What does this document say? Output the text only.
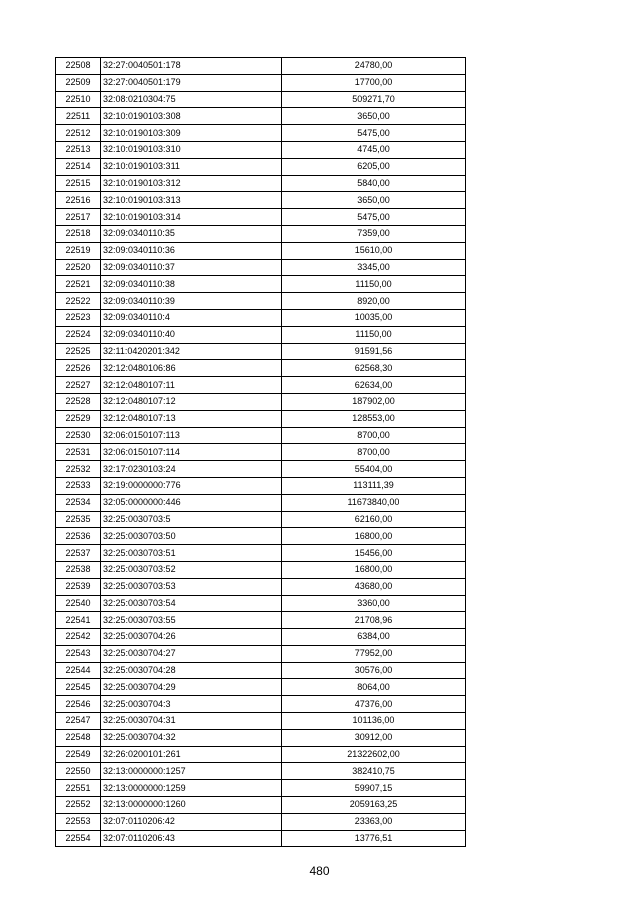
22508	32:27:0040501:178	24780,00
22509	32:27:0040501:179	17700,00
22510	32:08:0210304:75	509271,70
22511	32:10:0190103:308	3650,00
22512	32:10:0190103:309	5475,00
22513	32:10:0190103:310	4745,00
22514	32:10:0190103:311	6205,00
22515	32:10:0190103:312	5840,00
22516	32:10:0190103:313	3650,00
22517	32:10:0190103:314	5475,00
22518	32:09:0340110:35	7359,00
22519	32:09:0340110:36	15610,00
22520	32:09:0340110:37	3345,00
22521	32:09:0340110:38	11150,00
22522	32:09:0340110:39	8920,00
22523	32:09:0340110:4	10035,00
22524	32:09:0340110:40	11150,00
22525	32:11:0420201:342	91591,56
22526	32:12:0480106:86	62568,30
22527	32:12:0480107:11	62634,00
22528	32:12:0480107:12	187902,00
22529	32:12:0480107:13	128553,00
22530	32:06:0150107:113	8700,00
22531	32:06:0150107:114	8700,00
22532	32:17:0230103:24	55404,00
22533	32:19:0000000:776	113111,39
22534	32:05:0000000:446	11673840,00
22535	32:25:0030703:5	62160,00
22536	32:25:0030703:50	16800,00
22537	32:25:0030703:51	15456,00
22538	32:25:0030703:52	16800,00
22539	32:25:0030703:53	43680,00
22540	32:25:0030703:54	3360,00
22541	32:25:0030703:55	21708,96
22542	32:25:0030704:26	6384,00
22543	32:25:0030704:27	77952,00
22544	32:25:0030704:28	30576,00
22545	32:25:0030704:29	8064,00
22546	32:25:0030704:3	47376,00
22547	32:25:0030704:31	101136,00
22548	32:25:0030704:32	30912,00
22549	32:26:0200101:261	21322602,00
22550	32:13:0000000:1257	382410,75
22551	32:13:0000000:1259	59907,15
22552	32:13:0000000:1260	2059163,25
22553	32:07:0110206:42	23363,00
22554	32:07:0110206:43	13776,51
480
